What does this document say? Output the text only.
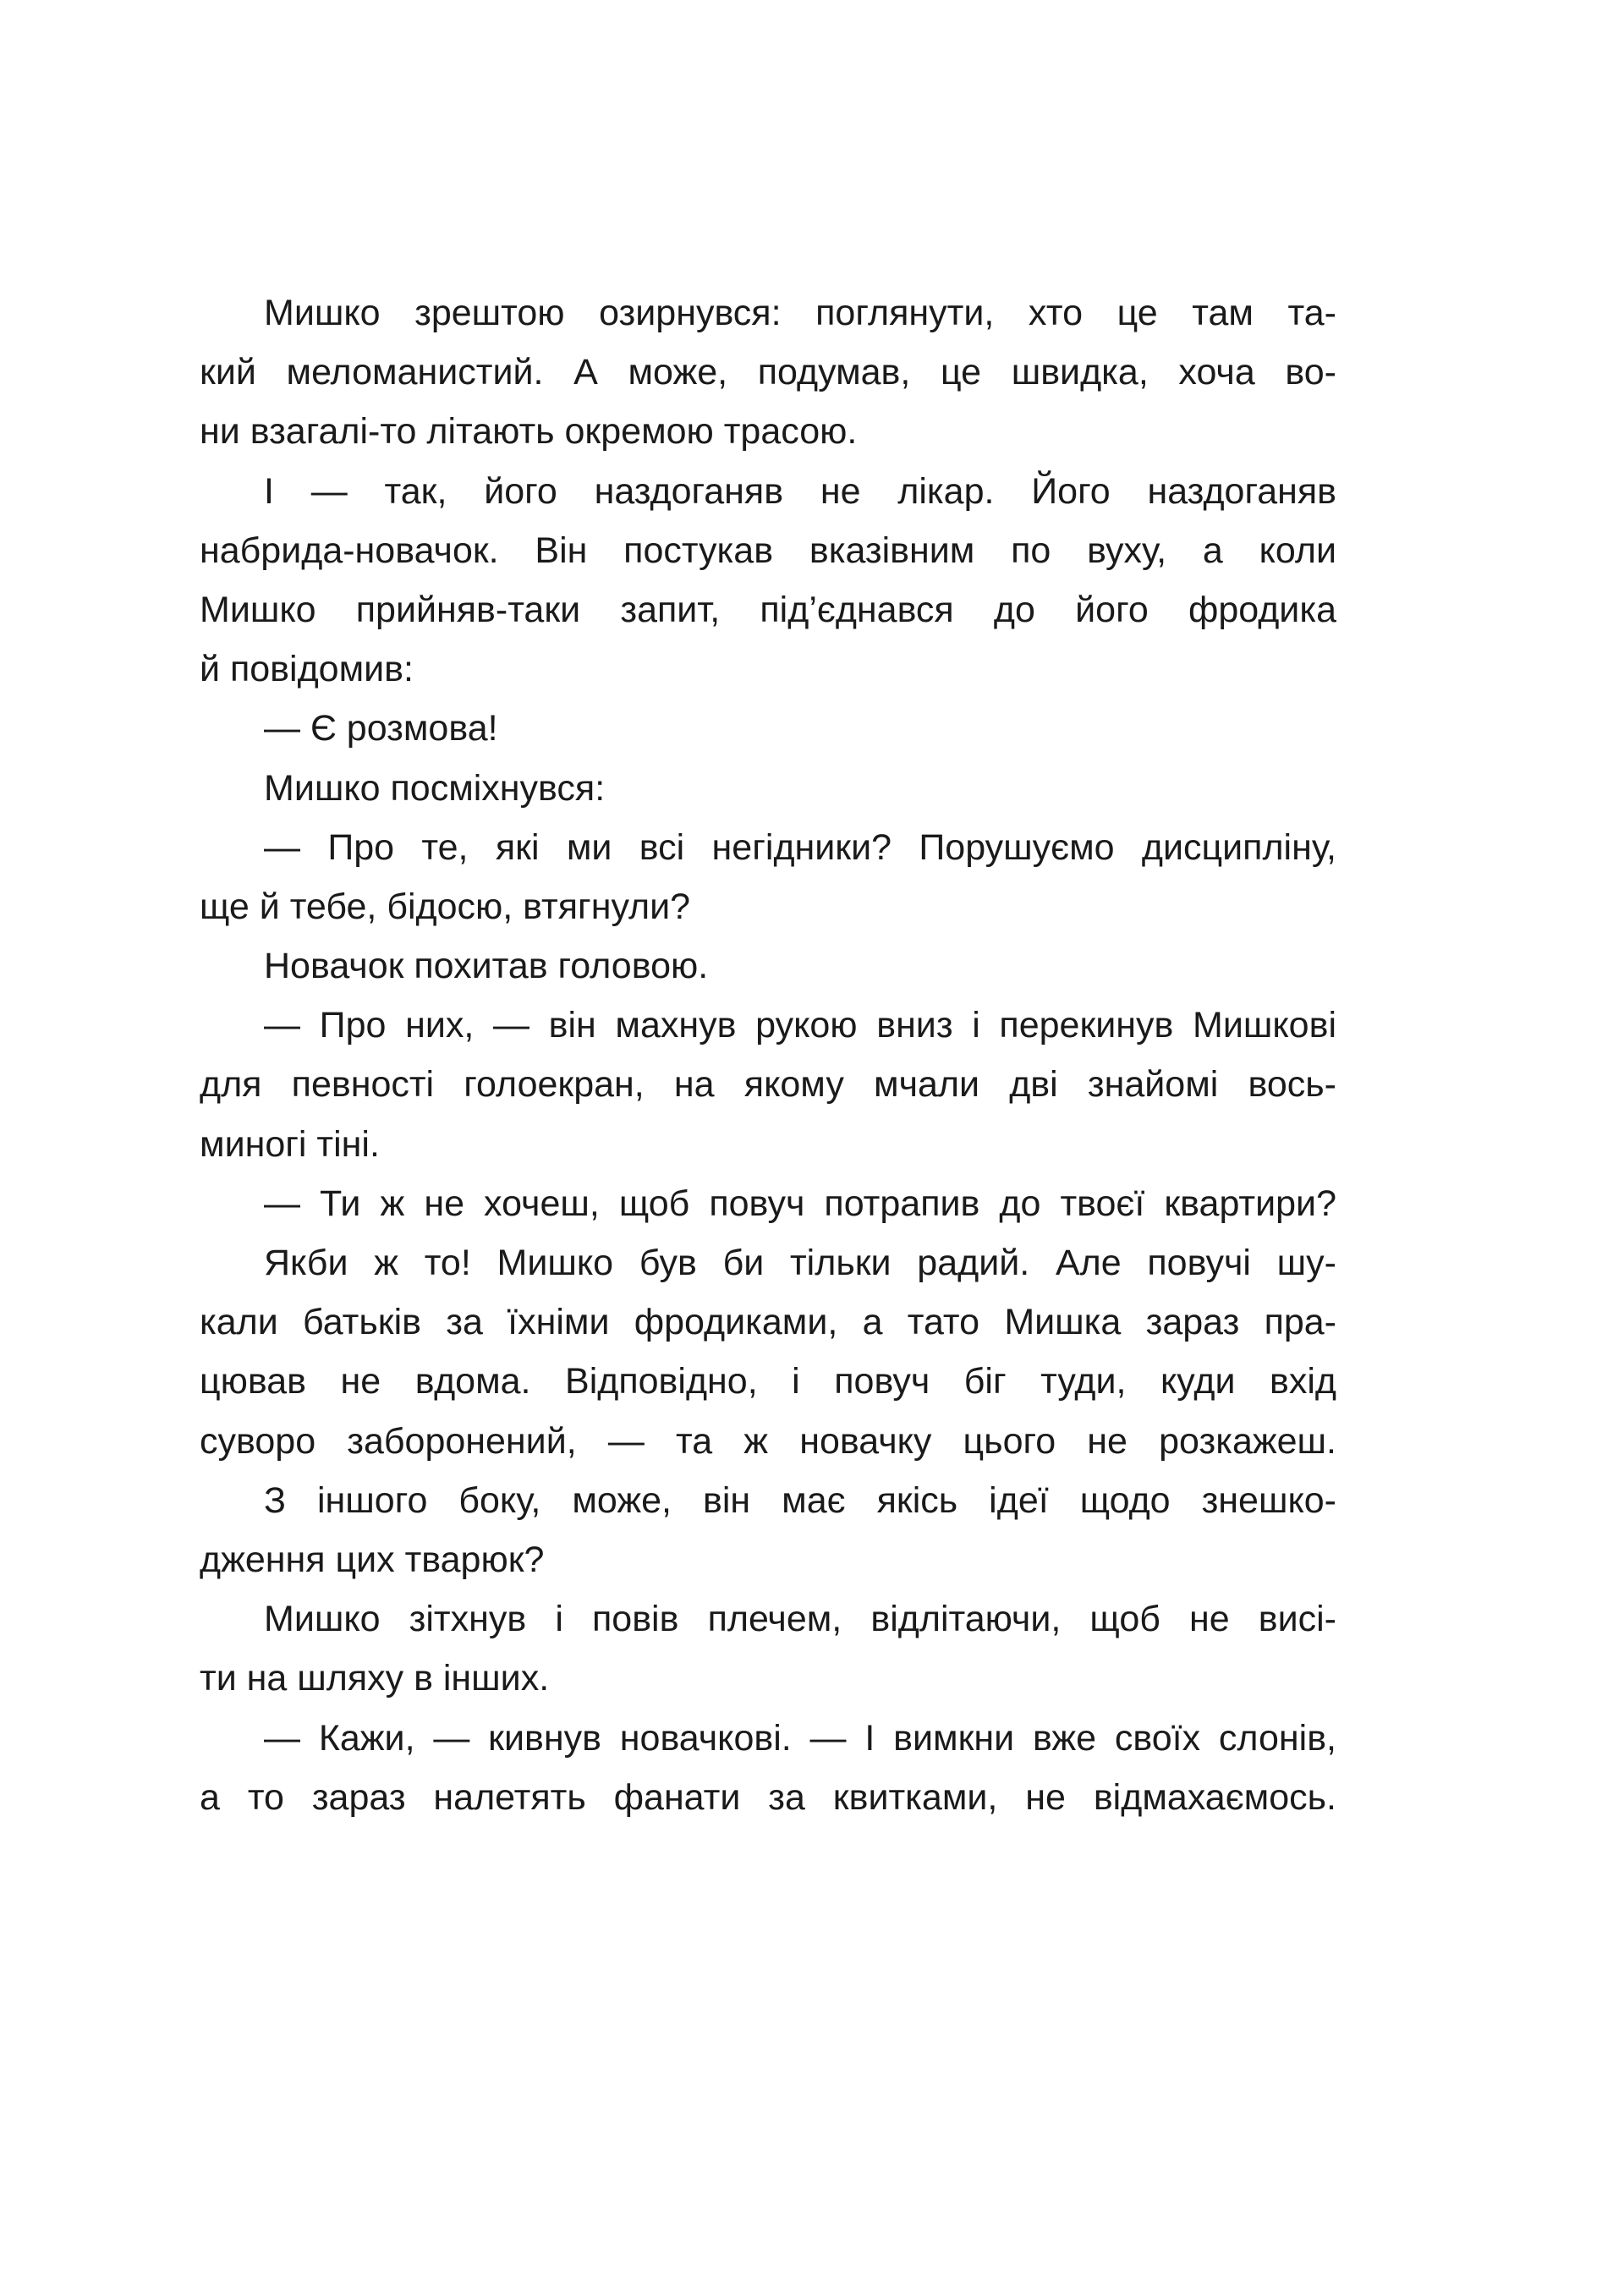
Мишко зрештою озирнувся: поглянути, хто це там та-
кий меломанистий. А може, подумав, це швидка, хоча во-
ни взагалі-то літають окремою трасою.
І — так, його наздоганяв не лікар. Його наздоганяв
набрида-новачок. Він постукав вказівним по вуху, а коли
Мишко прийняв-таки запит, під’єднався до його фродика
й повідомив:
— Є розмова!
Мишко посміхнувся:
— Про те, які ми всі негідники? Порушуємо дисципліну,
ще й тебе, бідосю, втягнули?
Новачок похитав головою.
— Про них, — він махнув рукою вниз і перекинув Мишкові
для певності голоекран, на якому мчали дві знайомі вось-
миногі тіні.
— Ти ж не хочеш, щоб повуч потрапив до твоєї квартири?
Якби ж то! Мишко був би тільки радий. Але повучі шу-
кали батьків за їхніми фродиками, а тато Мишка зараз пра-
цював не вдома. Відповідно, і повуч біг туди, куди вхід
суворо заборонений, — та ж новачку цього не розкажеш.
З іншого боку, може, він має якісь ідеї щодо знешко-
дження цих тварюк?
Мишко зітхнув і повів плечем, відлітаючи, щоб не висі-
ти на шляху в інших.
— Кажи, — кивнув новачкові. — І вимкни вже своїх слонів,
а то зараз налетять фанати за квитками, не відмахаємось.
